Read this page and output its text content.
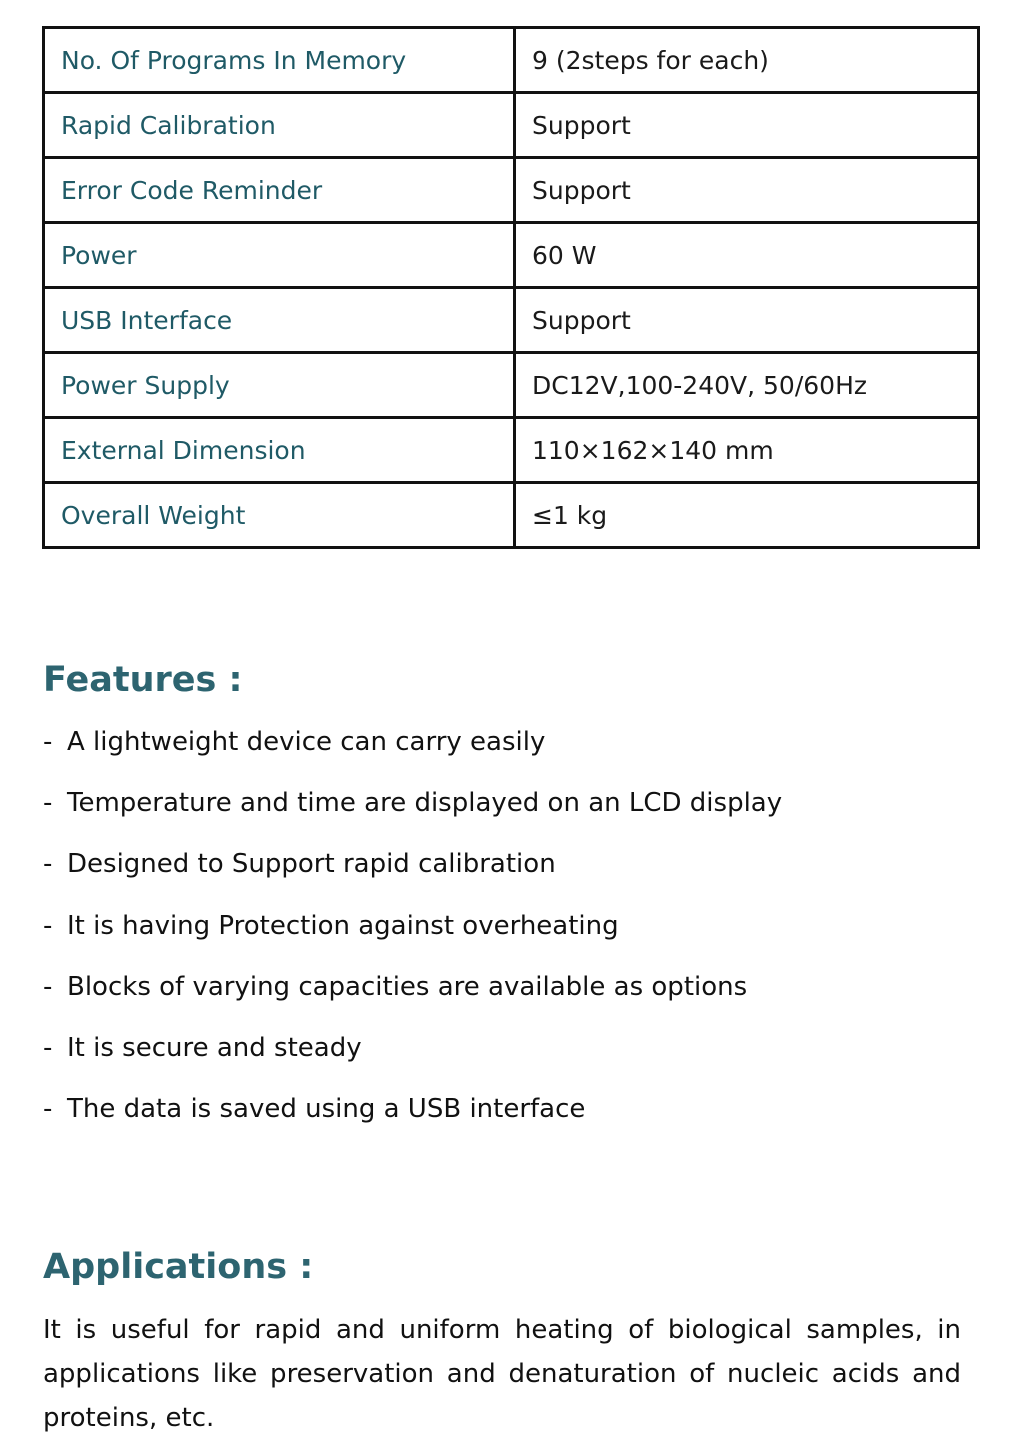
No. Of Programs In Memory	9 (2steps for each)
Rapid Calibration	Support
Error Code Reminder	Support
Power	60 W
USB Interface	Support
Power Supply	DC12V,100-240V, 50/60Hz
External Dimension	110×162×140 mm
Overall Weight	≤1 kg
Features :
- A lightweight device can carry easily
- Temperature and time are displayed on an LCD display
- Designed to Support rapid calibration
- It is having Protection against overheating
- Blocks of varying capacities are available as options
- It is secure and steady
- The data is saved using a USB interface
Applications :

It is useful for rapid and uniform heating of biological samples, in applications like preservation and denaturation of nucleic acids and proteins, etc.
